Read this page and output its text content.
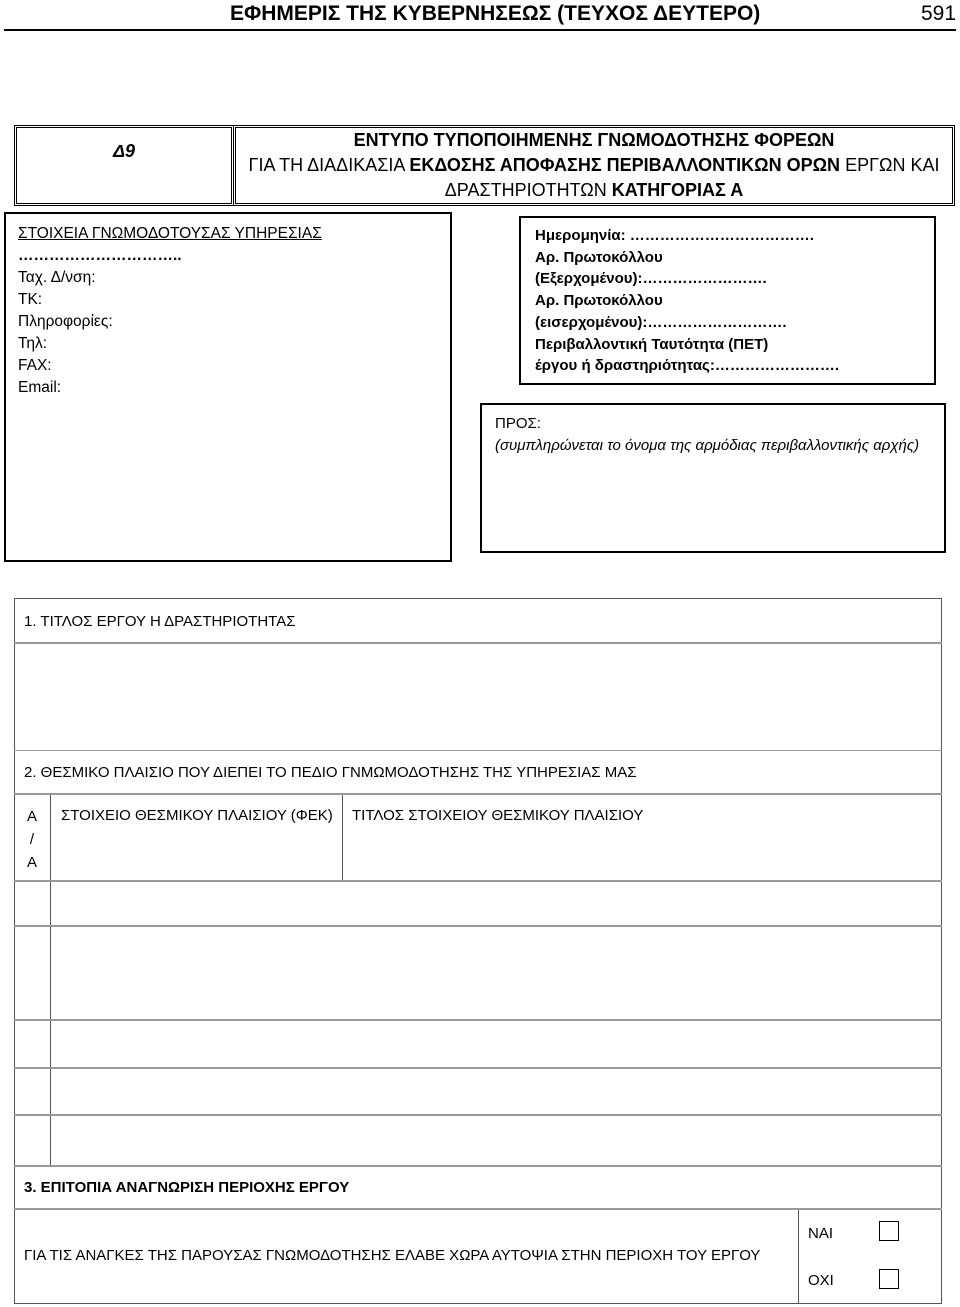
ΕΦΗΜΕΡΙΣ ΤΗΣ ΚΥΒΕΡΝΗΣΕΩΣ (ΤΕΥΧΟΣ ΔΕΥΤΕΡΟ)	591
Δ9
ΕΝΤΥΠΟ ΤΥΠΟΠΟΙΗΜΕΝΗΣ ΓΝΩΜΟΔΟΤΗΣΗΣ ΦΟΡΕΩΝ
ΓΙΑ ΤΗ ΔΙΑΔΙΚΑΣΙΑ ΕΚΔΟΣΗΣ ΑΠΟΦΑΣΗΣ ΠΕΡΙΒΑΛΛΟΝΤΙΚΩΝ ΟΡΩΝ ΕΡΓΩΝ ΚΑΙ
ΔΡΑΣΤΗΡΙΟΤΗΤΩΝ ΚΑΤΗΓΟΡΙΑΣ Α
ΣΤΟΙΧΕΙΑ ΓΝΩΜΟΔΟΤΟΥΣΑΣ ΥΠΗΡΕΣΙΑΣ
…………………………..
Ταχ. Δ/νση:
ΤΚ:
Πληροφορίες:
Τηλ:
FAX:
Email:
Ημερομηνία: ……………………………….
Αρ. Πρωτοκόλλου
(Εξερχομένου):…………………….
Αρ. Πρωτοκόλλου
(εισερχομένου):……………………….
Περιβαλλοντική Ταυτότητα (ΠΕΤ)
έργου ή δραστηριότητας:…………………….
ΠΡΟΣ:
(συμπληρώνεται το όνομα της αρμόδιας περιβαλλοντικής αρχής)
1. ΤΙΤΛΟΣ ΕΡΓΟΥ Η ΔΡΑΣΤΗΡΙΟΤΗΤΑΣ
2. ΘΕΣΜΙΚΟ ΠΛΑΙΣΙΟ ΠΟΥ ΔΙΕΠΕΙ ΤΟ ΠΕΔΙΟ ΓΝΜΩΜΟΔΟΤΗΣΗΣ ΤΗΣ ΥΠΗΡΕΣΙΑΣ ΜΑΣ
Α
/
Α
ΣΤΟΙΧΕΙΟ ΘΕΣΜΙΚΟΥ ΠΛΑΙΣΙΟΥ (ΦΕΚ) ΤΙΤΛΟΣ ΣΤΟΙΧΕΙΟΥ ΘΕΣΜΙΚΟΥ ΠΛΑΙΣΙΟΥ
3. ΕΠΙΤΟΠΙΑ ΑΝΑΓΝΩΡΙΣΗ ΠΕΡΙΟΧΗΣ ΕΡΓΟΥ
ΓΙΑ ΤΙΣ ΑΝΑΓΚΕΣ ΤΗΣ ΠΑΡΟΥΣΑΣ ΓΝΩΜΟΔΟΤΗΣΗΣ ΕΛΑΒΕ ΧΩΡΑ ΑΥΤΟΨΙΑ ΣΤΗΝ ΠΕΡΙΟΧΗ ΤΟΥ ΕΡΓΟΥ
ΝΑΙ
ΟΧΙ
